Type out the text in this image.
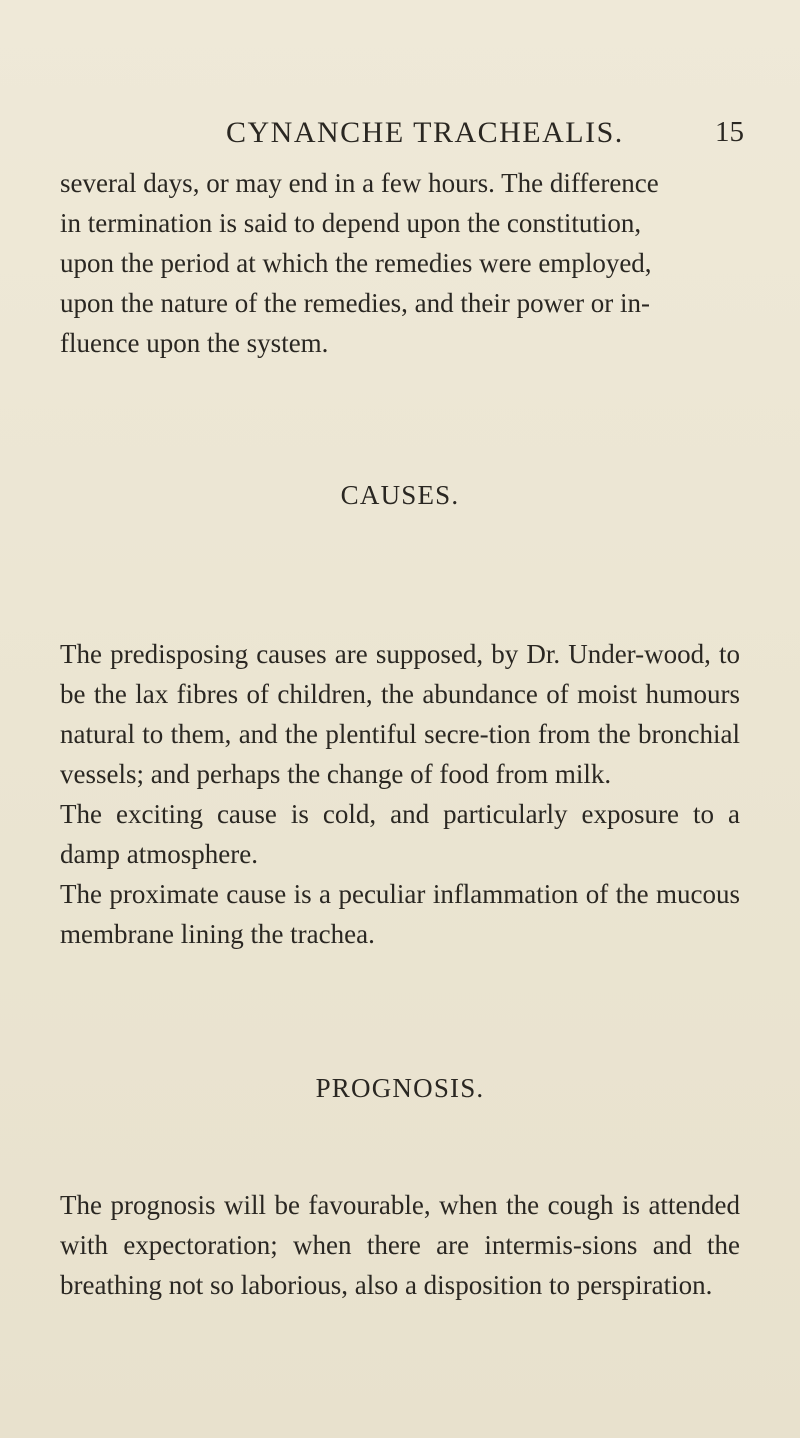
CYNANCHE TRACHEALIS.	15

several days, or may end in a few hours. The difference

in termination is said to depend upon the constitution,

upon the period at which the remedies were employed,

upon the nature of the remedies, and their power or in-

fluence upon the system.

CAUSES.

The predisposing causes are supposed, by Dr. Under-wood, to be the lax fibres of children, the abundance of moist humours natural to them, and the plentiful secre-tion from the bronchial vessels; and perhaps the change of food from milk.

The exciting cause is cold, and particularly exposure to a damp atmosphere.

The proximate cause is a peculiar inflammation of the mucous membrane lining the trachea.

PROGNOSIS.

The prognosis will be favourable, when the cough is attended with expectoration; when there are intermis-sions and the breathing not so laborious, also a disposition to perspiration.
